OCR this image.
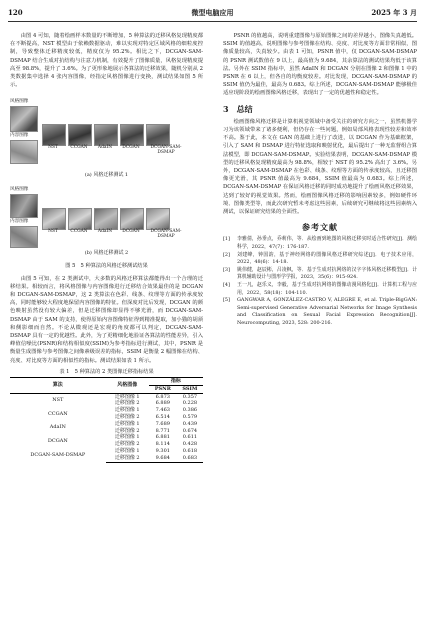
120	微型电脑应用	2025 年 3 月

由图 4 可知，随着绘画样本数量的不断增加，5 种算法的迁移风格复现精度都在不断提高，NST 模型由于依赖数据驱动，难以实现对特定区域风格的细粒度控制，导致整体迁移精度较低，精度仅为 95.2%。相比之下，DCGAN-SAM-DSMAP 结合生成对抗结构与注意力机制，有效提升了图像质量，风格复现精度提高至 98.8%，提升了 3.6%。为了更形象地展示各算法的迁移效果，随机分别从 2 类数据集中选择 4 张内容图像，经指定风格图像进行变换，测试结果如图 5 所示。

风格图像
NST	CCGAN	AdaIN	DCGAN	DCGAN-SAM-DSMAP
内容图像
(a) 风格迁移测试 1
风格图像
NST	CCGAN	AdaIN	DCGAN	DCGAN-SAM-DSMAP
内容图像
(b) 风格迁移测试 2
图 5　5 种算法的风格迁移测试结果

由图 5 可知，在 2 类测试中，大多数的风格迁移算法都能得出一个合理的迁移结果。相较而言，将风格图像与内容图像进行迁移结合效果最佳的是 DCGAN 和 DCGAN-SAM-DSMAP，这 2 类算法在色彩、线条、纹理等方面的传承度较高，同时能够较大程度地保留内容图像的特征。但深度对比后发现，DCGAN 的颜色映射虽然没有较大偏差，但是迁移图像却显得不够光滑，而 DCGAN-SAM-DSMAP 由于 SAM 的支持，使得原始内容图像特征得到精准提取，加小猫的胡须和侧影细而自然。不论从微观还是宏观的角度都可以判定，DCGAN-SAM-DSMAP 具有一定的优越性。此外，为了更精细化地验证各算法的性能差异，引入峰值信噪比(PSNR)和结构相似度(SSIM)为参考指标进行测试，其中，PSNR 是衡量生成图像与参考图像之间像素级误差的指标，SSIM 是衡量 2 幅图像在结构、亮度、对比度等方面的相似性的指标。测试结果如表 1 所示。

表 1　5 种算法的 2 类图像迁移指标结果
算法	风格图像	指标	
		PSNR	SSIM
NST	迁移图像 1	6.873	0.357
	迁移图像 2	6.889	0.228
CCGAN	迁移图像 1	7.463	0.386
	迁移图像 2	6.514	0.579
AdaIN	迁移图像 1	7.689	0.439
	迁移图像 2	8.771	0.674
DCGAN	迁移图像 1	6.881	0.611
	迁移图像 2	8.114	0.428
DCGAN-SAM-DSMAP	迁移图像 1	9.301	0.618
	迁移图像 2	9.684	0.683

PSNR 的值越高，说明重建图像与原始图像之间的差异越小，图像失真越低。SSIM 的值越高，说明图像与参考图像在结构、亮度、对比度等方面非常相似，图像质量较高，失真较少。由表 1 可知，PSNR 值中，仅 DCGAN-SAM-DSMAP 的 PSNR 测试数值在 9 以上，最高值为 9.684，其余算法的测试结果均低于该算法。另外在 SSIM 指标中，虽然 AdaIN 和 DCGAN 分别在图像 2 和图像 1 中的 PSNR 在 6 以上，但各自的均衡度较差。对比发现，DCGAN-SAM-DSMAP 的 SSIM 值仍为最佳，最高为 0.683。综上所述，DCGAN-SAM-DSMAP 能够极佳适应现阶段的绘画图像风格迁移，表现出了一定的优越性和稳定性。

3　总结

绘画图像风格迁移是计算机视觉领域中备受关注的研究方向之一，虽然机器学习为该领域带来了诸多便利，但仍存在一些问题，例如局部风格表现性较差和效率不高。鉴于此，本文在 GAN 的基础上进行了改进，以 DCGAN 作为基础框架，引入了 SAM 和 DSMAP 进行特征选取和映射优化，最后提出了一种无监督组合算法模型，即 DCGAN-SAM-DSMAP。实验结果表明，DCGAN-SAM-DSMAP 模型的迁移风格复现精度最高为 98.8%，相较于 NST 的 95.2% 高出了 3.6%。另外，DCGAN-SAM-DSMAP 在色彩、线条、纹理等方面的传承度较高，且迁移图像更光滑，其 PSNR 值最高为 9.684，SSIM 值最高为 0.683。综上所述，DCGAN-SAM-DSMAP 在保证风格迁移的同时成功地提升了绘画风格迁移效果，达到了较好的视觉效果。然而，绘画图像风格迁移的影响因素较多，例如硬件环境、图像类型等，而此次研究暂未考虑这些因素，后续研究可继续将这些因素纳入测试，以保证研究结果的全面性。

参考文献
[1]	李雅倩，孙垂点，乔莉伟，等．从绘画到地图的风格迁移实时适合性研究[J]．测绘科学，2022，47(7)：176-187.
[2]	刘建峰，钟国韵，基于神经网络的图像风格迁移研究综述[J]．电子技术应用，2022，48(6)：14-18.
[3]	姚伟健，赵辰彬，吕凌枫，等．基于生成对抗网络的汉字字体风格迁移模型[J]．计算机辅助设计与图形学学报，2023，35(6)：915-924.
[4]	王一凡，赵乐义，李毅，基于生成对抗网络的图像动漫风格化[J]．计算机工程与应用，2022，58(18)：104-110.
[5]	GANGWAR A, GONZÁLEZ-CASTRO V, ALEGRE E, et al. Triple-BigGAN: Semi-supervised Generative Adversarial Networks for Image Synthesis and Classification on Sexual Facial Expression Recognition[J]. Neurocomputing, 2023, 528: 200-216.
